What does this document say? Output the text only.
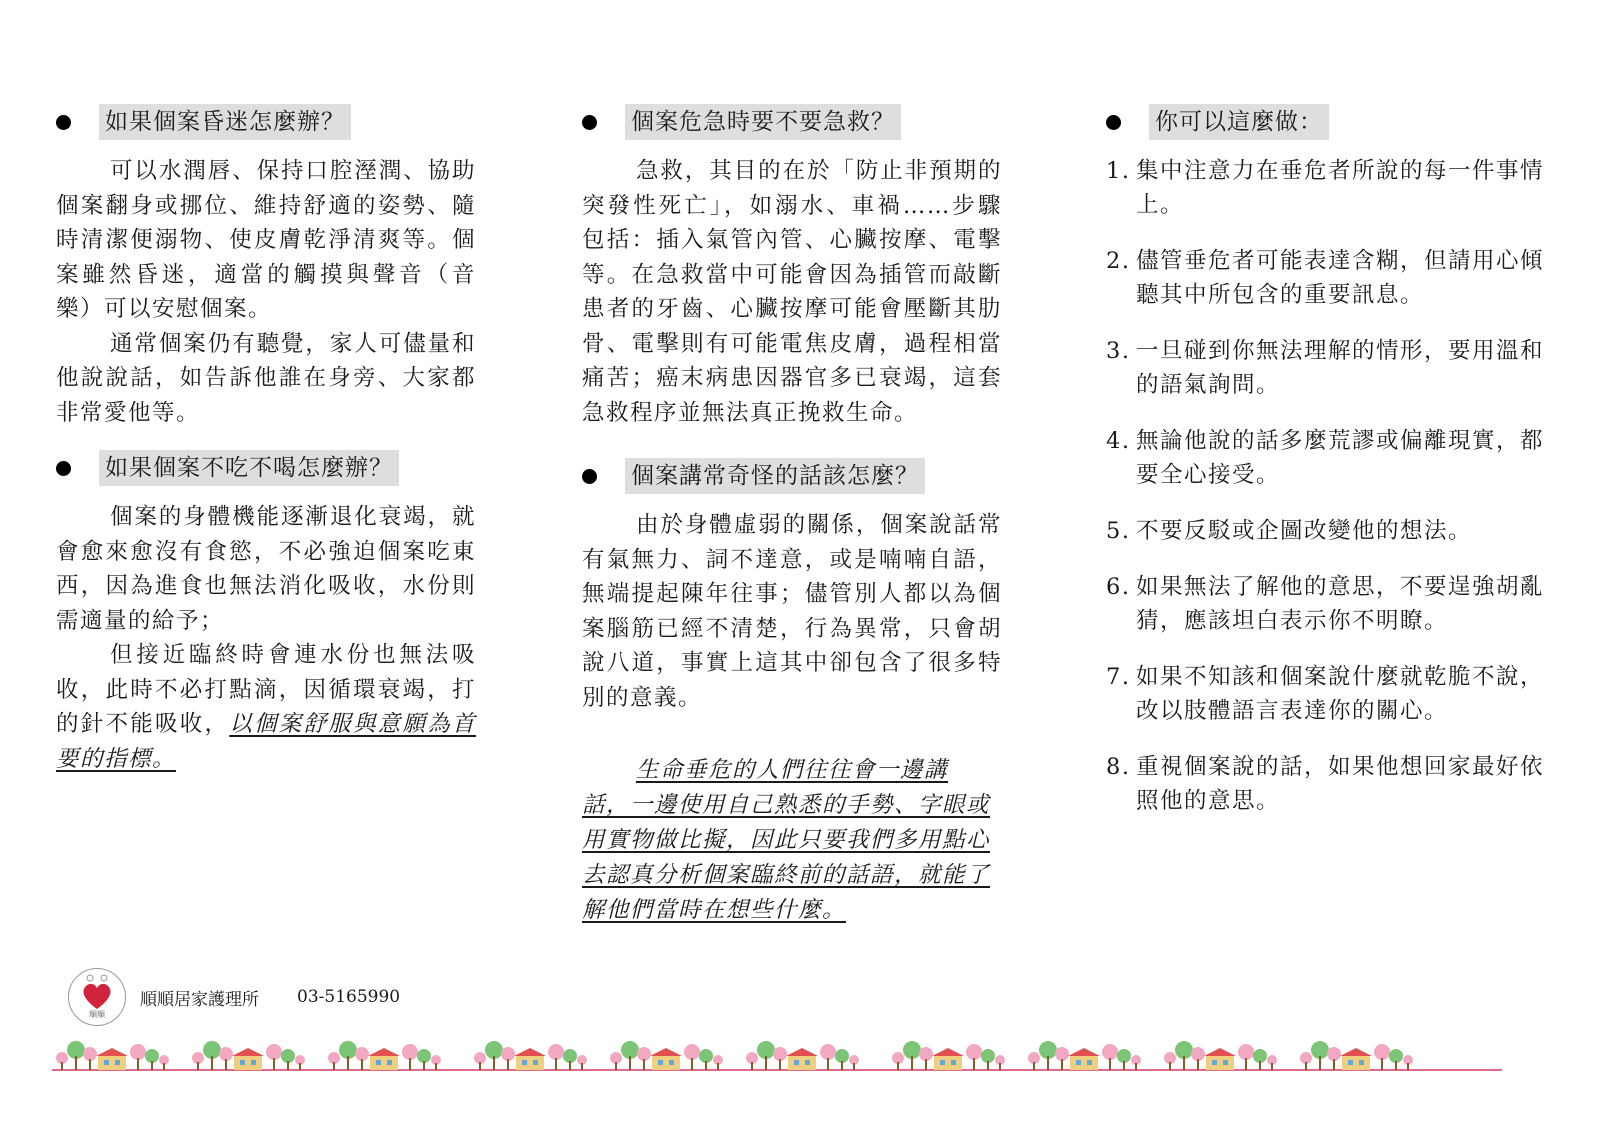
如果個案昏迷怎麼辦？

可以水潤唇、保持口腔溼潤、協助個案翻身或挪位、維持舒適的姿勢、隨時清潔便溺物、使皮膚乾淨清爽等。個案雖然昏迷，適當的觸摸與聲音（音樂）可以安慰個案。

通常個案仍有聽覺，家人可儘量和他說說話，如告訴他誰在身旁、大家都非常愛他等。

如果個案不吃不喝怎麼辦？

個案的身體機能逐漸退化衰竭，就會愈來愈沒有食慾，不必強迫個案吃東西，因為進食也無法消化吸收，水份則需適量的給予；

但接近臨終時會連水份也無法吸收，此時不必打點滴，因循環衰竭，打的針不能吸收，以個案舒服與意願為首要的指標。

個案危急時要不要急救？

急救，其目的在於「防止非預期的突發性死亡」，如溺水、車禍……步驟包括：插入氣管內管、心臟按摩、電擊等。在急救當中可能會因為插管而敲斷患者的牙齒、心臟按摩可能會壓斷其肋骨、電擊則有可能電焦皮膚，過程相當痛苦；癌末病患因器官多已衰竭，這套急救程序並無法真正挽救生命。

個案講常奇怪的話該怎麼？

由於身體虛弱的關係，個案說話常有氣無力、詞不達意，或是喃喃自語，無端提起陳年往事；儘管別人都以為個案腦筋已經不清楚，行為異常，只會胡說八道，事實上這其中卻包含了很多特別的意義。

生命垂危的人們往往會一邊講話，一邊使用自己熟悉的手勢、字眼或用實物做比擬，因此只要我們多用點心去認真分析個案臨終前的話語，就能了解他們當時在想些什麼。

你可以這麼做：
1. 集中注意力在垂危者所說的每一件事情上。
2. 儘管垂危者可能表達含糊，但請用心傾聽其中所包含的重要訊息。
3. 一旦碰到你無法理解的情形，要用溫和的語氣詢問。
4. 無論他說的話多麼荒謬或偏離現實，都要全心接受。
5. 不要反駁或企圖改變他的想法。
6. 如果無法了解他的意思，不要逞強胡亂猜，應該坦白表示你不明瞭。
7. 如果不知該和個案說什麼就乾脆不說，改以肢體語言表達你的關心。
8. 重視個案說的話，如果他想回家最好依照他的意思。
順順
順順居家護理所 03-5165990
